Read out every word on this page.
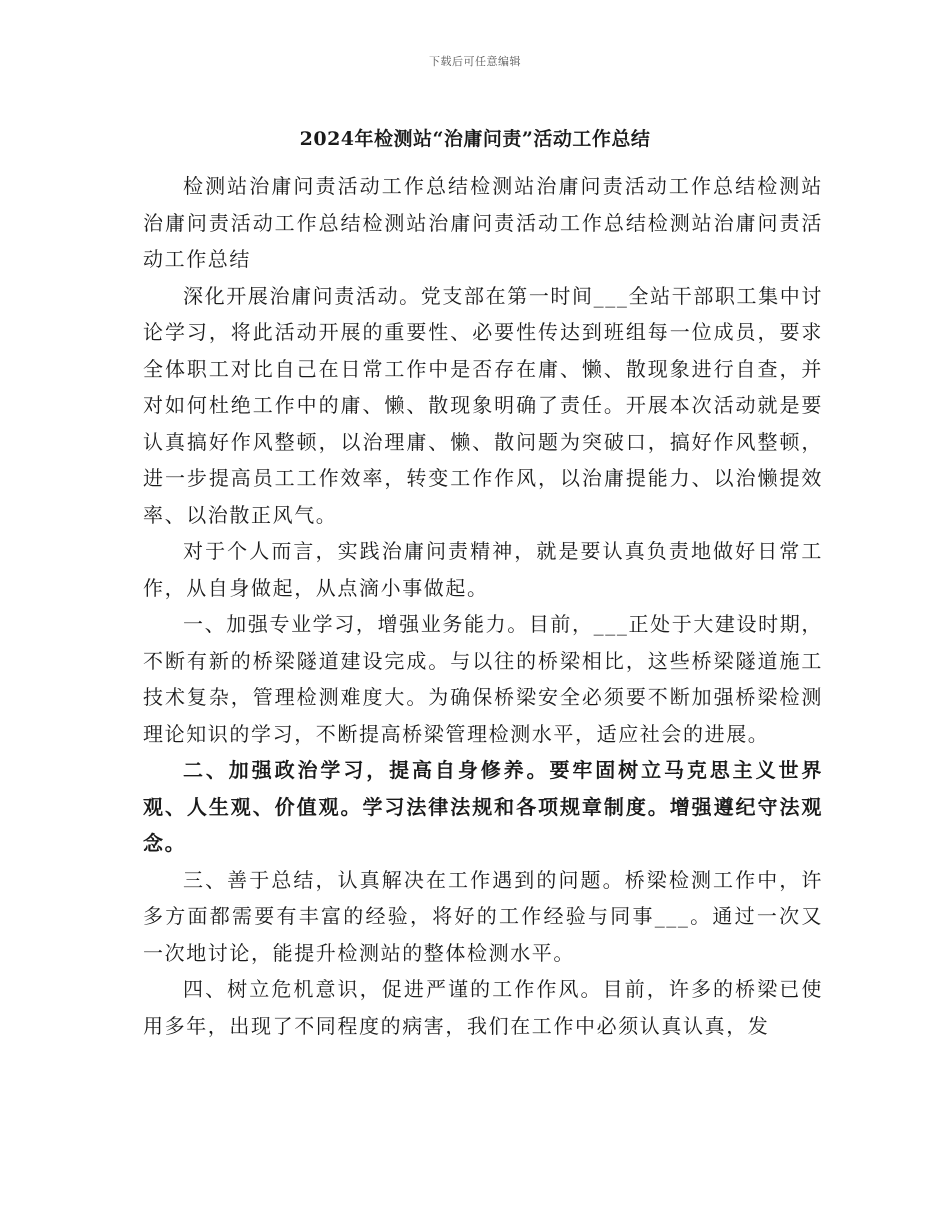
下载后可任意编辑
2024年检测站“治庸问责”活动工作总结

检测站治庸问责活动工作总结检测站治庸问责活动工作总结检测站治庸问责活动工作总结检测站治庸问责活动工作总结检测站治庸问责活动工作总结

深化开展治庸问责活动。党支部在第一时间___全站干部职工集中讨论学习，将此活动开展的重要性、必要性传达到班组每一位成员，要求全体职工对比自己在日常工作中是否存在庸、懒、散现象进行自查，并对如何杜绝工作中的庸、懒、散现象明确了责任。开展本次活动就是要认真搞好作风整顿，以治理庸、懒、散问题为突破口，搞好作风整顿，进一步提高员工工作效率，转变工作作风，以治庸提能力、以治懒提效率、以治散正风气。

对于个人而言，实践治庸问责精神，就是要认真负责地做好日常工作，从自身做起，从点滴小事做起。

一、加强专业学习，增强业务能力。目前，___正处于大建设时期，不断有新的桥梁隧道建设完成。与以往的桥梁相比，这些桥梁隧道施工技术复杂，管理检测难度大。为确保桥梁安全必须要不断加强桥梁检测理论知识的学习，不断提高桥梁管理检测水平，适应社会的进展。

二、加强政治学习，提高自身修养。要牢固树立马克思主义世界观、人生观、价值观。学习法律法规和各项规章制度。增强遵纪守法观念。

三、善于总结，认真解决在工作遇到的问题。桥梁检测工作中，许多方面都需要有丰富的经验，将好的工作经验与同事___。通过一次又一次地讨论，能提升检测站的整体检测水平。

四、树立危机意识，促进严谨的工作作风。目前，许多的桥梁已使用多年，出现了不同程度的病害，我们在工作中必须认真认真，发
